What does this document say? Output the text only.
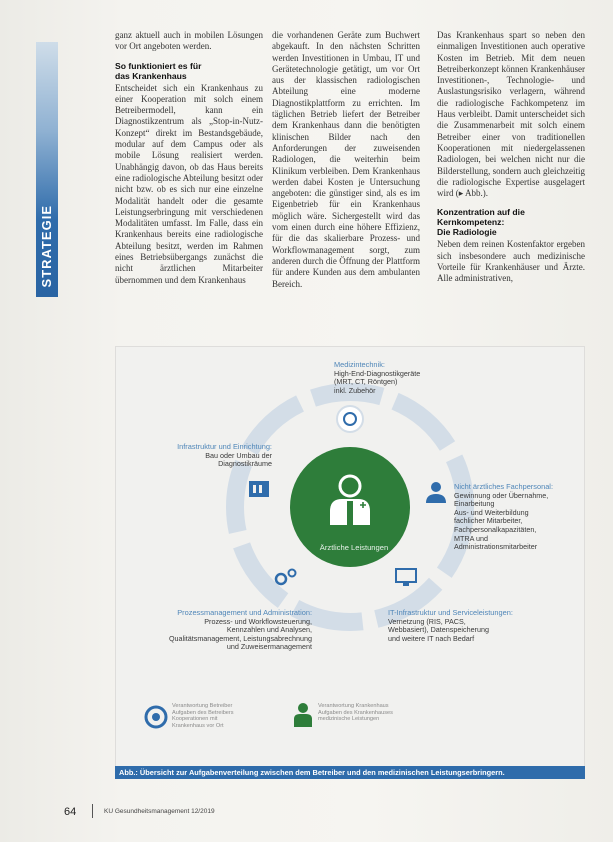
STRATEGIE

ganz aktuell auch in mobilen Lösungen vor Ort angeboten werden.

So funktioniert es für
das Krankenhaus

Entscheidet sich ein Krankenhaus zu einer Kooperation mit solch einem Betreibermodell, kann ein Diagnostikzentrum als „Stop-in-Nutz-Konzept“ direkt im Bestandsgebäude, modular auf dem Campus oder als mobile Lösung realisiert werden. Unabhängig davon, ob das Haus bereits eine radiologische Abteilung besitzt oder nicht bzw. ob es sich nur eine einzelne Modalität handelt oder die gesamte Leistungserbringung mit verschiedenen Modalitäten umfasst. Im Falle, dass ein Krankenhaus bereits eine radiologische Abteilung besitzt, werden im Rahmen eines Betriebsübergangs zunächst die nicht ärztlichen Mitarbeiter übernommen und dem Krankenhaus

die vorhandenen Geräte zum Buchwert abgekauft. In den nächsten Schritten werden Investitionen in Umbau, IT und Gerätetechnologie getätigt, um vor Ort aus der klassischen radiologischen Abteilung eine moderne Diagnostikplattform zu errichten. Im täglichen Betrieb liefert der Betreiber dem Krankenhaus dann die benötigten klinischen Bilder nach den Anforderungen der zuweisenden Radiologen, die weiterhin beim Klinikum verbleiben. Dem Krankenhaus werden dabei Kosten je Untersuchung angeboten: die günstiger sind, als es im Eigenbetrieb für ein Krankenhaus möglich wäre. Sichergestellt wird das vom einen durch eine höhere Effizienz, für die das skalierbare Prozess- und Workflowmanagement sorgt, zum anderen durch die Öffnung der Plattform für andere Kunden aus dem ambulanten Bereich.

Das Krankenhaus spart so neben den einmaligen Investitionen auch operative Kosten im Betrieb. Mit dem neuen Betreiberkonzept können Krankenhäuser Investitionen-, Technologie- und Auslastungsrisiko verlagern, während die radiologische Fachkompetenz im Haus verbleibt. Damit unterscheidet sich die Zusammenarbeit mit solch einem Betreiber einer von traditionellen Kooperationen mit niedergelassenen Radiologen, bei welchen nicht nur die Bilderstellung, sondern auch gleichzeitig die radiologische Expertise ausgelagert wird (▸ Abb.).

Konzentration auf die
Kernkompetenz:
Die Radiologie

Neben dem reinen Kostenfaktor ergeben sich insbesondere auch medizinische Vorteile für Krankenhäuser und Ärzte. Alle administrativen,

Ärztliche Leistungen
Medizintechnik:
High-End-Diagnostikgeräte
(MRT, CT, Röntgen)
inkl. Zubehör
Infrastruktur und Einrichtung:
Bau oder Umbau der
Diagnostikräume
Nicht ärztliches Fachpersonal:
Gewinnung oder Übernahme, Einarbeitung
Aus- und Weiterbildung
fachlicher Mitarbeiter,
Fachpersonalkapazitäten,
MTRA und
Administrationsmitarbeiter
Prozessmanagement und Administration:
Prozess- und Workflowsteuerung,
Kennzahlen und Analysen,
Qualitätsmanagement, Leistungsabrechnung
und Zuweisermanagement
IT-Infrastruktur und Serviceleistungen:
Vernetzung (RIS, PACS,
Webbasiert), Datenspeicherung
und weitere IT nach Bedarf
Verantwortung Betreiber
Aufgaben des Betreibers
Kooperationen mit
Krankenhaus vor Ort
Verantwortung Krankenhaus
Aufgaben des Krankenhauses
medizinische Leistungen
Abb.: Übersicht zur Aufgabenverteilung zwischen dem Betreiber und den medizinischen Leistungserbringern.
64	KU Gesundheitsmanagement 12/2019
